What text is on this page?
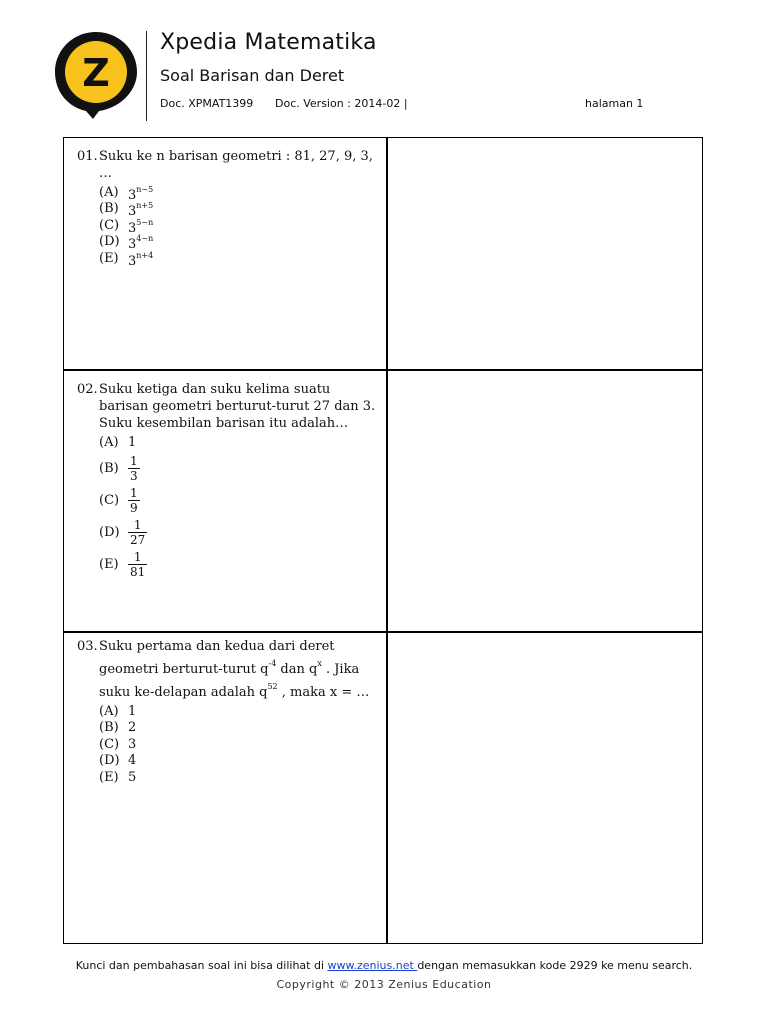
Z
Xpedia Matematika
Soal Barisan dan Deret
Doc. XPMAT1399 Doc. Version : 2014-02 |	halaman 1
01. Suku ke n barisan geometri : 81, 27, 9, 3, …
(A) $3^{n-5}$
(B) $3^{n+5}$
(C) $3^{5-n}$
(D) $3^{4-n}$
(E) $3^{n+4}$
02. Suku ketiga dan suku kelima suatu barisan geometri berturut-turut 27 dan 3. Suku kesembilan barisan itu adalah…
(A) 1
$(B) \frac{1}{3}$
$(C) \frac{1}{9}$
$(D) \frac{1}{27}$
$(E) \frac{1}{81}$
03. Suku pertama dan kedua dari deret geometri berturut-turut $q^{-4}$ dan $q^x$ . Jika suku ke-delapan adalah $q^{52}$ , maka x = …
(A) 1
(B) 2
(C) 3
(D) 4
(E) 5
Kunci dan pembahasan soal ini bisa dilihat di www.zenius.net dengan memasukkan kode 2929 ke menu search.
Copyright © 2013 Zenius Education
